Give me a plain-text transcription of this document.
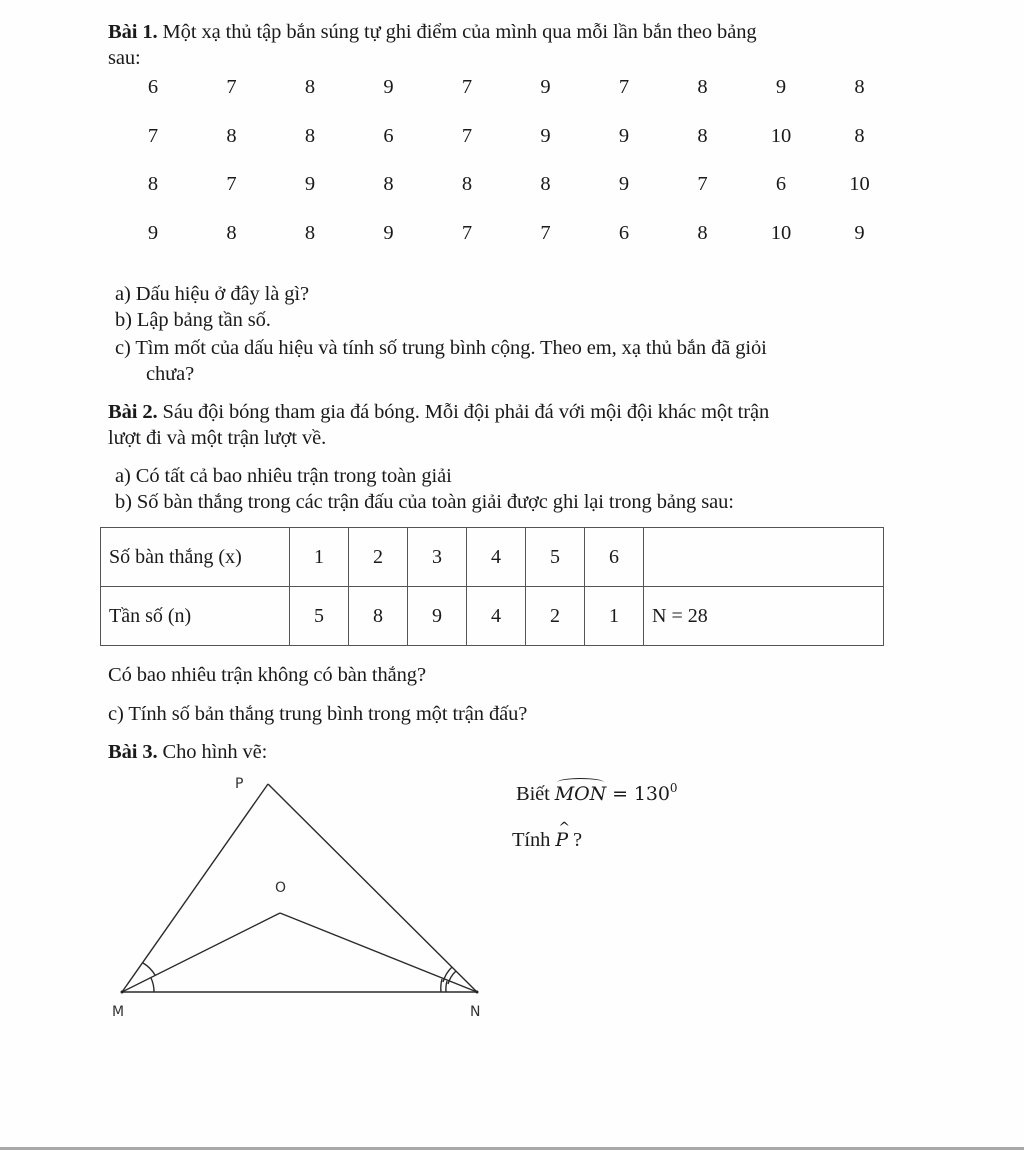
Bài 1. Một xạ thủ tập bắn súng tự ghi điểm của mình qua mỗi lần bắn theo bảng
sau:
6	7	8	9	7	9	7	8	9	8
7	8	8	6	7	9	9	8	10	8
8	7	9	8	8	8	9	7	6	10
9	8	8	9	7	7	6	8	10	9
a) Dấu hiệu ở đây là gì?
b) Lập bảng tần số.
c) Tìm mốt của dấu hiệu và tính số trung bình cộng. Theo em, xạ thủ bắn đã giỏi
chưa?
Bài 2. Sáu đội bóng tham gia đá bóng. Mỗi đội phải đá với mội đội khác một trận
lượt đi và một trận lượt về.
a) Có tất cả bao nhiêu trận trong toàn giải
b) Số bàn thắng trong các trận đấu của toàn giải được ghi lại trong bảng sau:
Số bàn thắng (x)	1	2	3	4	5	6	
Tần số (n)	5	8	9	4	2	1	N = 28
Có bao nhiêu trận không có bàn thắng?
c) Tính số bản thắng trung bình trong một trận đấu?
Bài 3. Cho hình vẽ:
Biết MON = $130^0$
Tính ^ P ?
P
O
M	N
